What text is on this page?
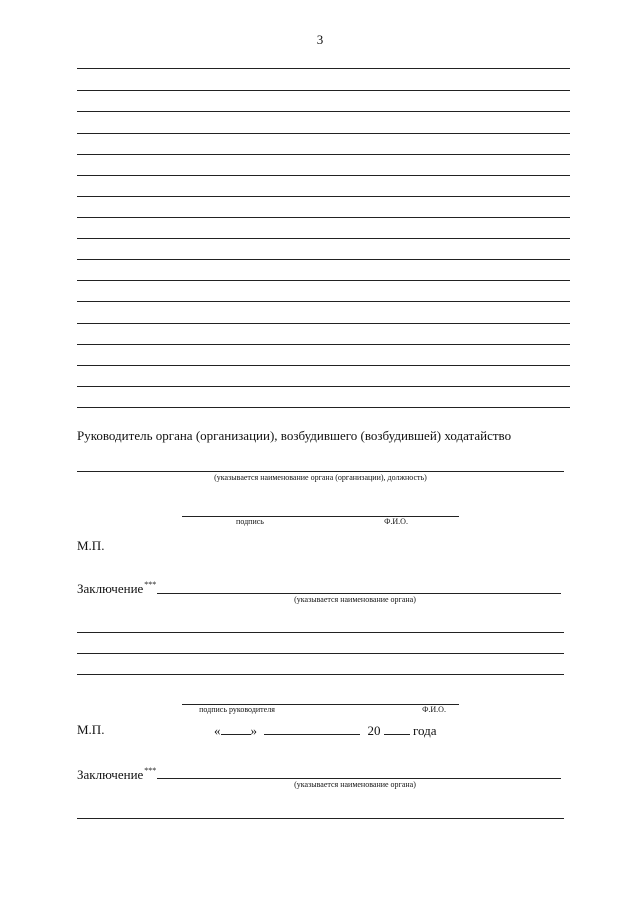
3
Руководитель органа (организации), возбудившего (возбудившей) ходатайство
(указывается наименование органа (организации), должность)
подпись	Ф.И.О.
М.П.
Заключение***
(указывается наименование органа)
подпись руководителя	Ф.И.О.
М.П.	« »	20	года
Заключение***
(указывается наименование органа)
